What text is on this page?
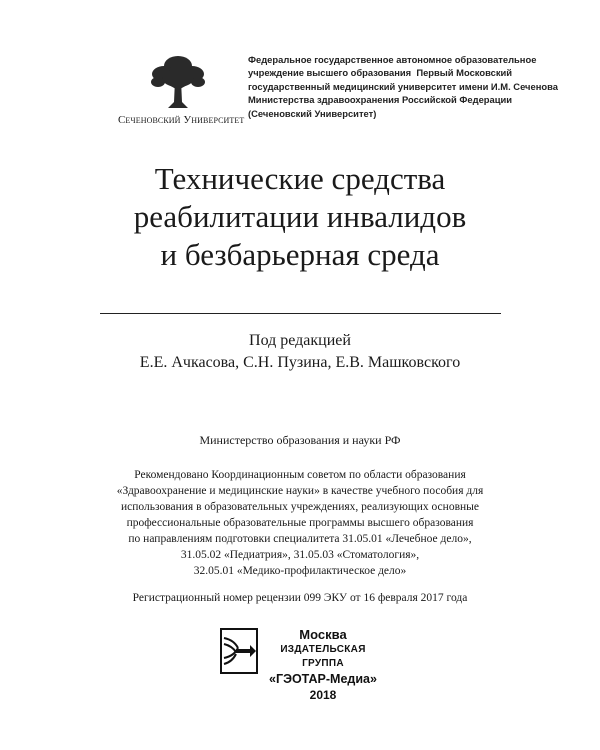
Сеченовский Университет
Федеральное государственное автономное образовательное
учреждение высшего образования  Первый Московский
государственный медицинский университет имени И.М. Сеченова
Министерства здравоохранения Российской Федерации
(Сеченовский Университет)
Технические средства
реабилитации инвалидов
и безбарьерная среда
Под редакцией
Е.Е. Ачкасова, С.Н. Пузина, Е.В. Машковского
Министерство образования и науки РФ
Рекомендовано Координационным советом по области образования
«Здравоохранение и медицинские науки» в качестве учебного пособия для
использования в образовательных учреждениях, реализующих основные
профессиональные образовательные программы высшего образования
по направлениям подготовки специалитета 31.05.01 «Лечебное дело»,
31.05.02 «Педиатрия», 31.05.03 «Стоматология»,
32.05.01 «Медико-профилактическое дело»
Регистрационный номер рецензии 099 ЭКУ от 16 февраля 2017 года
Москва
ИЗДАТЕЛЬСКАЯ ГРУППА
«ГЭОТАР-Медиа»
2018
